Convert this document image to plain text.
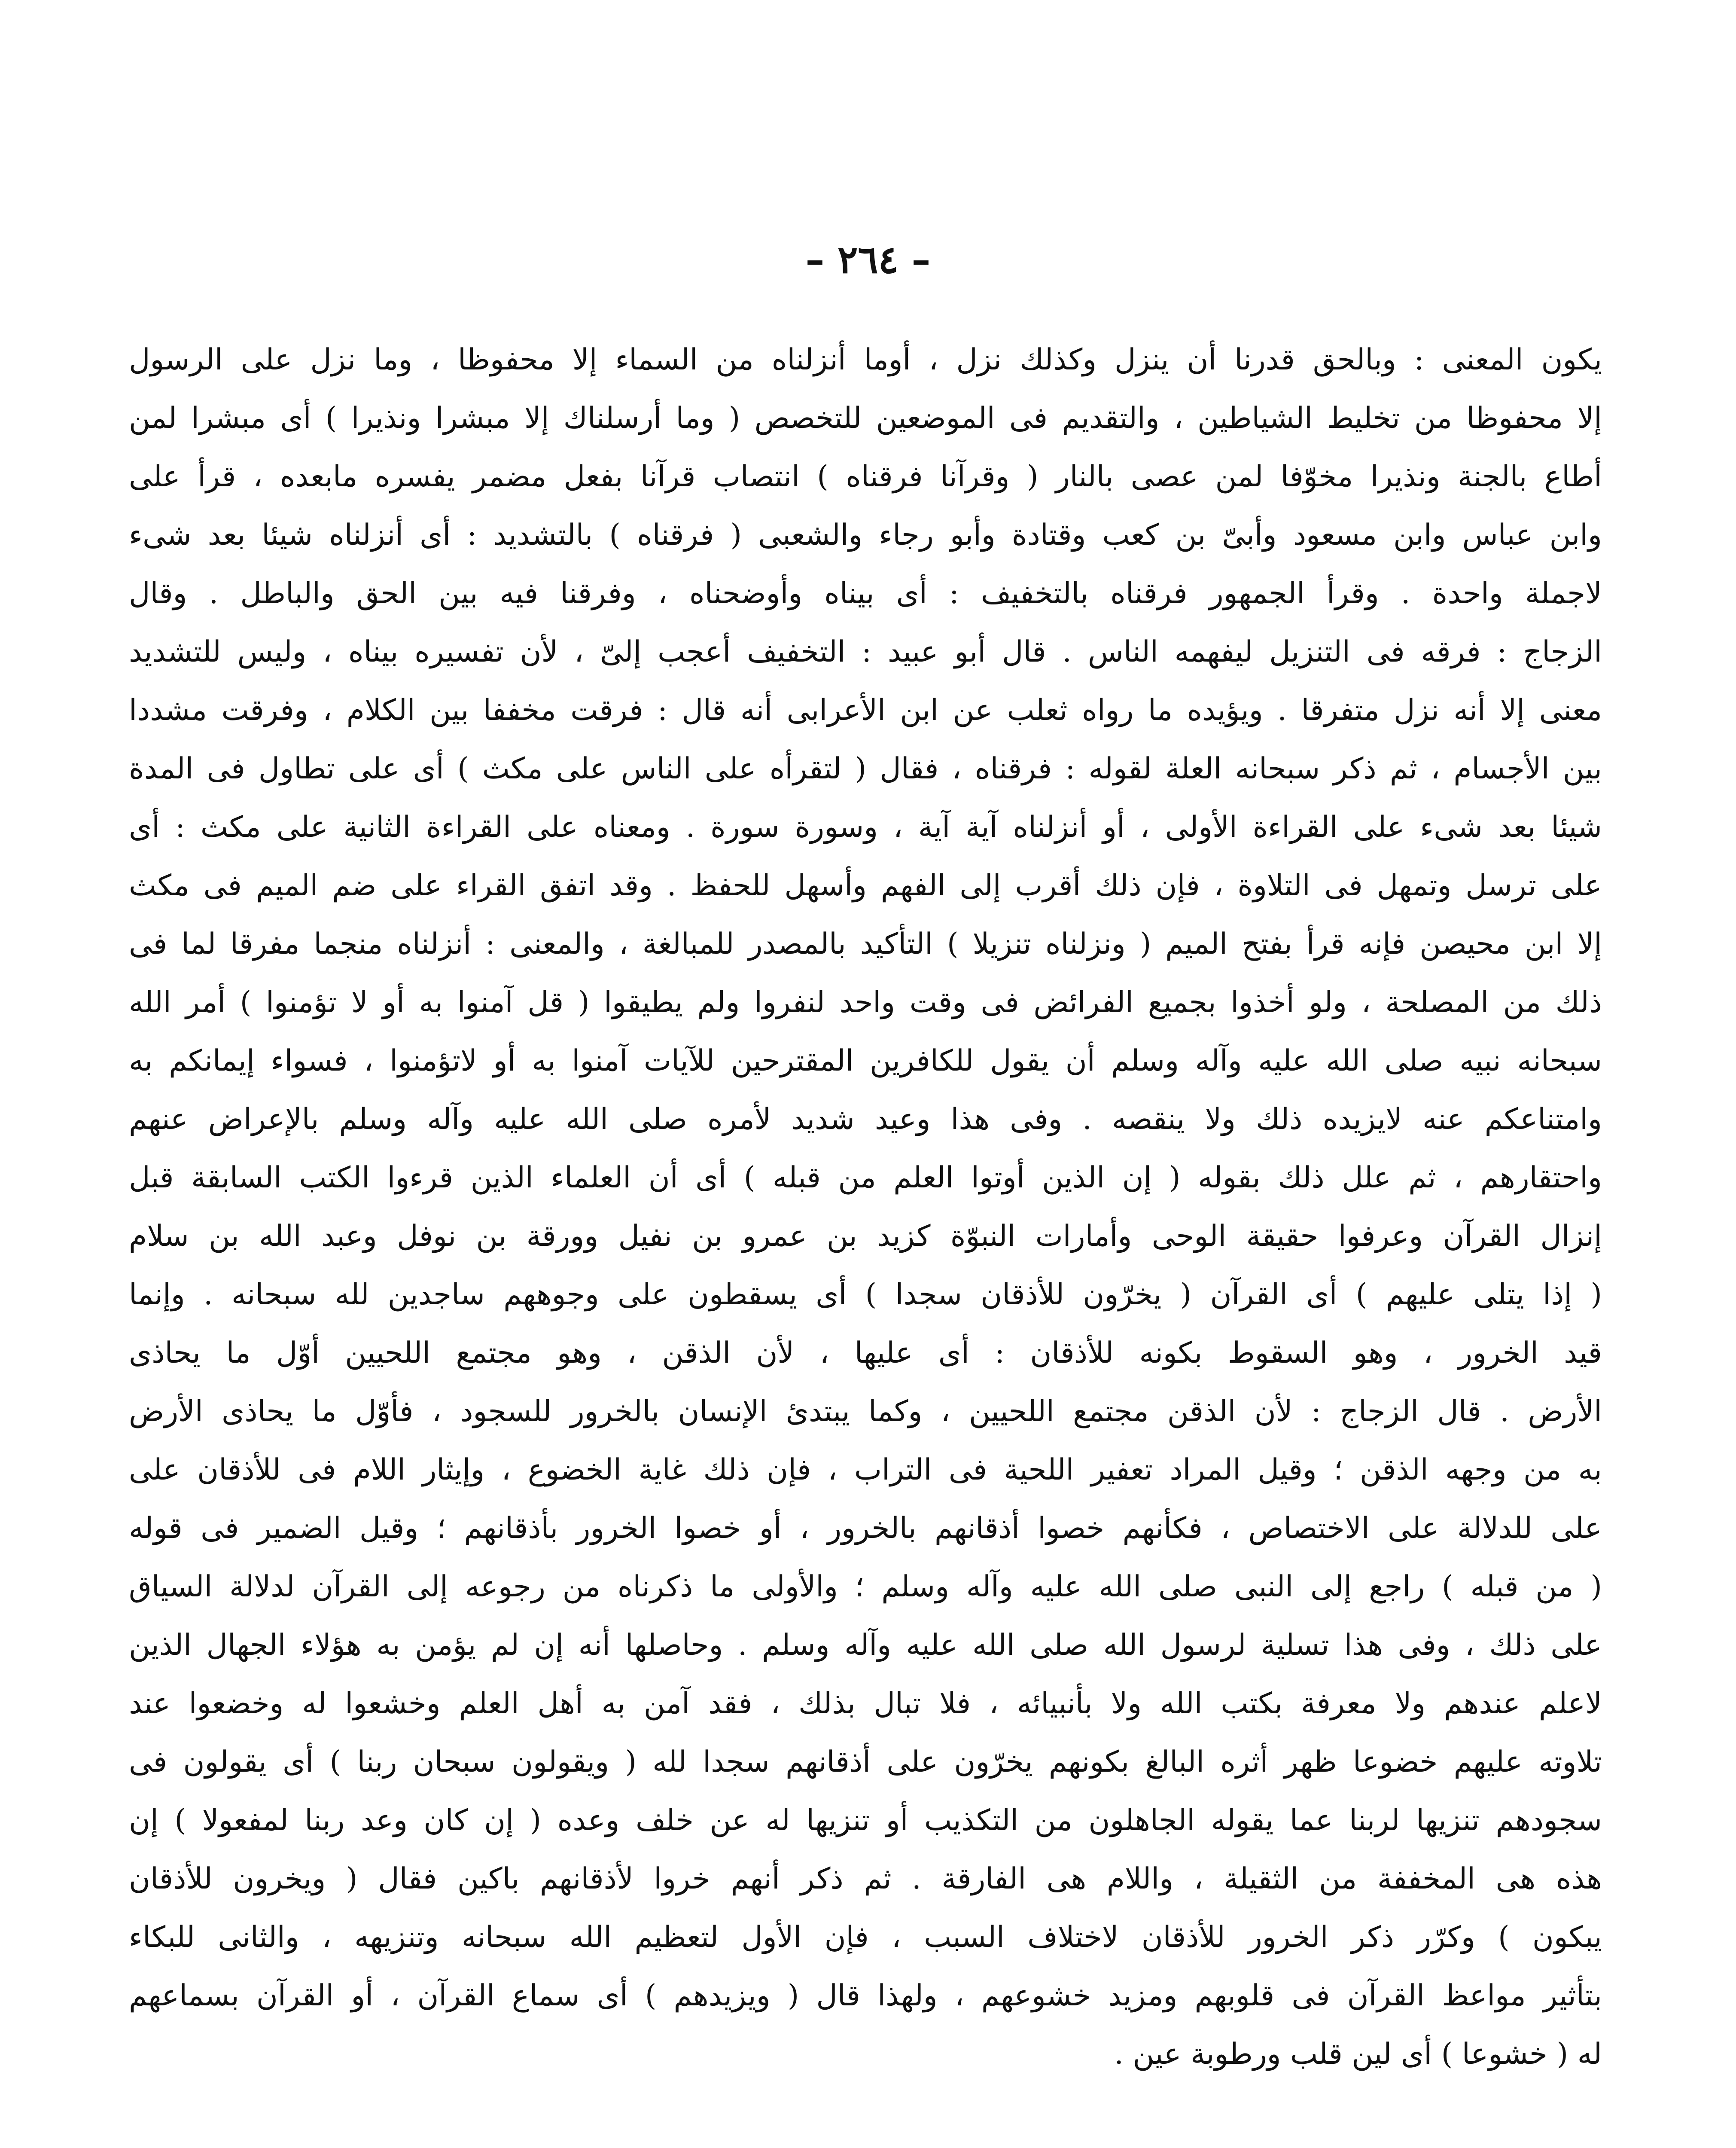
– ٢٦٤ –
يكون المعنى : وبالحق قدرنا أن ينزل وكذلك نزل ، أوما أنزلناه من السماء إلا محفوظا ، وما نزل على الرسول
إلا محفوظا من تخليط الشياطين ، والتقديم فى الموضعين للتخصص ( وما أرسلناك إلا مبشرا ونذيرا ) أى مبشرا لمن
أطاع بالجنة ونذيرا مخوّفا لمن عصى بالنار ( وقرآنا فرقناه ) انتصاب قرآنا بفعل مضمر يفسره مابعده ، قرأ على
وابن عباس وابن مسعود وأبىّ بن كعب وقتادة وأبو رجاء والشعبى ( فرقناه ) بالتشديد : أى أنزلناه شيئا بعد شىء
لاجملة واحدة . وقرأ الجمهور فرقناه بالتخفيف : أى بيناه وأوضحناه ، وفرقنا فيه بين الحق والباطل . وقال
الزجاج : فرقه فى التنزيل ليفهمه الناس . قال أبو عبيد : التخفيف أعجب إلىّ ، لأن تفسيره بيناه ، وليس للتشديد
معنى إلا أنه نزل متفرقا . ويؤيده ما رواه ثعلب عن ابن الأعرابى أنه قال : فرقت مخففا بين الكلام ، وفرقت مشددا
بين الأجسام ، ثم ذكر سبحانه العلة لقوله : فرقناه ، فقال ( لتقرأه على الناس على مكث ) أى على تطاول فى المدة
شيئا بعد شىء على القراءة الأولى ، أو أنزلناه آية آية ، وسورة سورة . ومعناه على القراءة الثانية على مكث : أى
على ترسل وتمهل فى التلاوة ، فإن ذلك أقرب إلى الفهم وأسهل للحفظ . وقد اتفق القراء على ضم الميم فى مكث
إلا ابن محيصن فإنه قرأ بفتح الميم ( ونزلناه تنزيلا ) التأكيد بالمصدر للمبالغة ، والمعنى : أنزلناه منجما مفرقا لما فى
ذلك من المصلحة ، ولو أخذوا بجميع الفرائض فى وقت واحد لنفروا ولم يطيقوا ( قل آمنوا به أو لا تؤمنوا ) أمر الله
سبحانه نبيه صلى الله عليه وآله وسلم أن يقول للكافرين المقترحين للآيات آمنوا به أو لاتؤمنوا ، فسواء إيمانكم به
وامتناعكم عنه لايزيده ذلك ولا ينقصه . وفى هذا وعيد شديد لأمره صلى الله عليه وآله وسلم بالإعراض عنهم
واحتقارهم ، ثم علل ذلك بقوله ( إن الذين أوتوا العلم من قبله ) أى أن العلماء الذين قرءوا الكتب السابقة قبل
إنزال القرآن وعرفوا حقيقة الوحى وأمارات النبوّة كزيد بن عمرو بن نفيل وورقة بن نوفل وعبد الله بن سلام
( إذا يتلى عليهم ) أى القرآن ( يخرّون للأذقان سجدا ) أى يسقطون على وجوههم ساجدين لله سبحانه . وإنما
قيد الخرور ، وهو السقوط بكونه للأذقان : أى عليها ، لأن الذقن ، وهو مجتمع اللحيين أوّل ما يحاذى
الأرض . قال الزجاج : لأن الذقن مجتمع اللحيين ، وكما يبتدئ الإنسان بالخرور للسجود ، فأوّل ما يحاذى الأرض
به من وجهه الذقن ؛ وقيل المراد تعفير اللحية فى التراب ، فإن ذلك غاية الخضوع ، وإيثار اللام فى للأذقان على
على للدلالة على الاختصاص ، فكأنهم خصوا أذقانهم بالخرور ، أو خصوا الخرور بأذقانهم ؛ وقيل الضمير فى قوله
( من قبله ) راجع إلى النبى صلى الله عليه وآله وسلم ؛ والأولى ما ذكرناه من رجوعه إلى القرآن لدلالة السياق
على ذلك ، وفى هذا تسلية لرسول الله صلى الله عليه وآله وسلم . وحاصلها أنه إن لم يؤمن به هؤلاء الجهال الذين
لاعلم عندهم ولا معرفة بكتب الله ولا بأنبيائه ، فلا تبال بذلك ، فقد آمن به أهل العلم وخشعوا له وخضعوا عند
تلاوته عليهم خضوعا ظهر أثره البالغ بكونهم يخرّون على أذقانهم سجدا لله ( ويقولون سبحان ربنا ) أى يقولون فى
سجودهم تنزيها لربنا عما يقوله الجاهلون من التكذيب أو تنزيها له عن خلف وعده ( إن كان وعد ربنا لمفعولا ) إن
هذه هى المخففة من الثقيلة ، واللام هى الفارقة . ثم ذكر أنهم خروا لأذقانهم باكين فقال ( ويخرون للأذقان
يبكون ) وكرّر ذكر الخرور للأذقان لاختلاف السبب ، فإن الأول لتعظيم الله سبحانه وتنزيهه ، والثانى للبكاء
بتأثير مواعظ القرآن فى قلوبهم ومزيد خشوعهم ، ولهذا قال ( ويزيدهم ) أى سماع القرآن ، أو القرآن بسماعهم
له ( خشوعا ) أى لين قلب ورطوبة عين .
